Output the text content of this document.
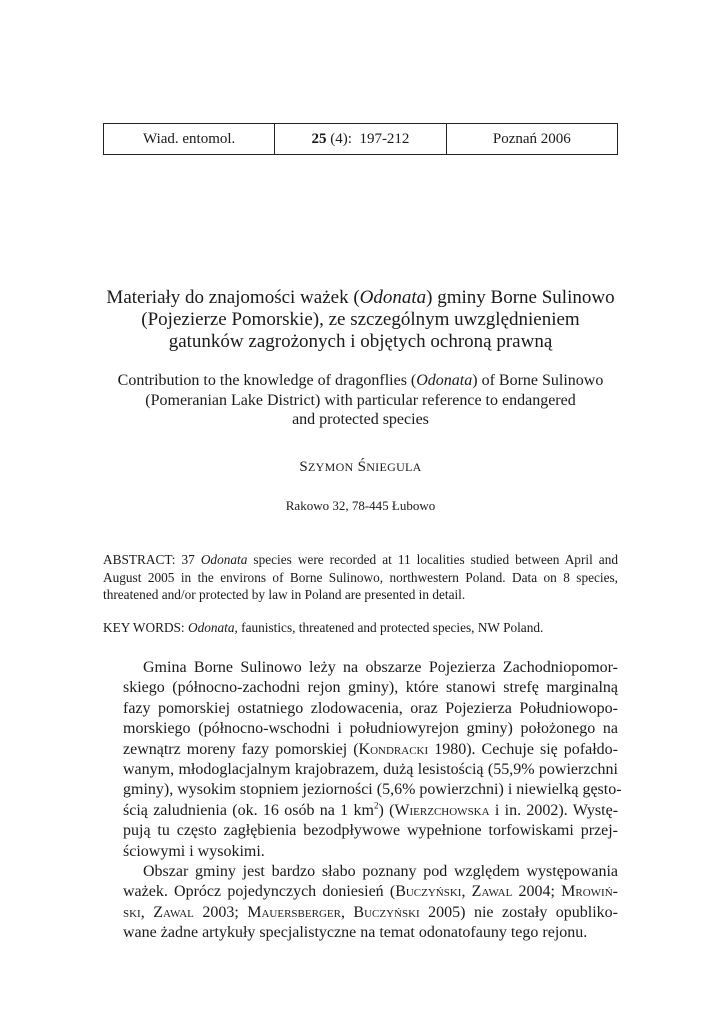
Wiad. entomol.	25 (4):  197-212	Poznań 2006
Materiały do znajomości ważek (Odonata) gminy Borne Sulinowo
(Pojezierze Pomorskie), ze szczególnym uwzględnieniem
gatunków zagrożonych i objętych ochroną prawną
Contribution to the knowledge of dragonflies (Odonata) of Borne Sulinowo
(Pomeranian Lake District) with particular reference to endangered
and protected species
SZYMON ŚNIEGULA
Rakowo 32, 78-445 Łubowo
ABSTRACT: 37 Odonata species were recorded at 11 localities studied between April and August 2005 in the environs of Borne Sulinowo, northwestern Poland. Data on 8 species, threatened and/or protected by law in Poland are presented in detail.
KEY WORDS: Odonata, faunistics, threatened and protected species, NW Poland.

Gmina Borne Sulinowo leży na obszarze Pojezierza Zachodniopomor-
skiego (północno-zachodni rejon gminy), które stanowi strefę marginalną
fazy pomorskiej ostatniego zlodowacenia, oraz Pojezierza Południowopo-
morskiego (północno-wschodni i południowyrejon gminy) położonego na
zewnątrz moreny fazy pomorskiej (Kondracki 1980). Cechuje się pofałdo-
wanym, młodoglacjalnym krajobrazem, dużą lesistością (55,9% powierzchni
gminy), wysokim stopniem jeziorności (5,6% powierzchni) i niewielką gęsto-
ścią zaludnienia (ok. 16 osób na 1 $km^2$) (Wierzchowska i in. 2002). Wystę-
pują tu często zagłębienia bezodpływowe wypełnione torfowiskami przej-
ściowymi i wysokimi.

Obszar gminy jest bardzo słabo poznany pod względem występowania
ważek. Oprócz pojedynczych doniesień (Buczyński, Zawal 2004; Mrowiń-
ski, Zawal 2003; Mauersberger, Buczyński 2005) nie zostały opubliko-
wane żadne artykuły specjalistyczne na temat odonatofauny tego rejonu.
